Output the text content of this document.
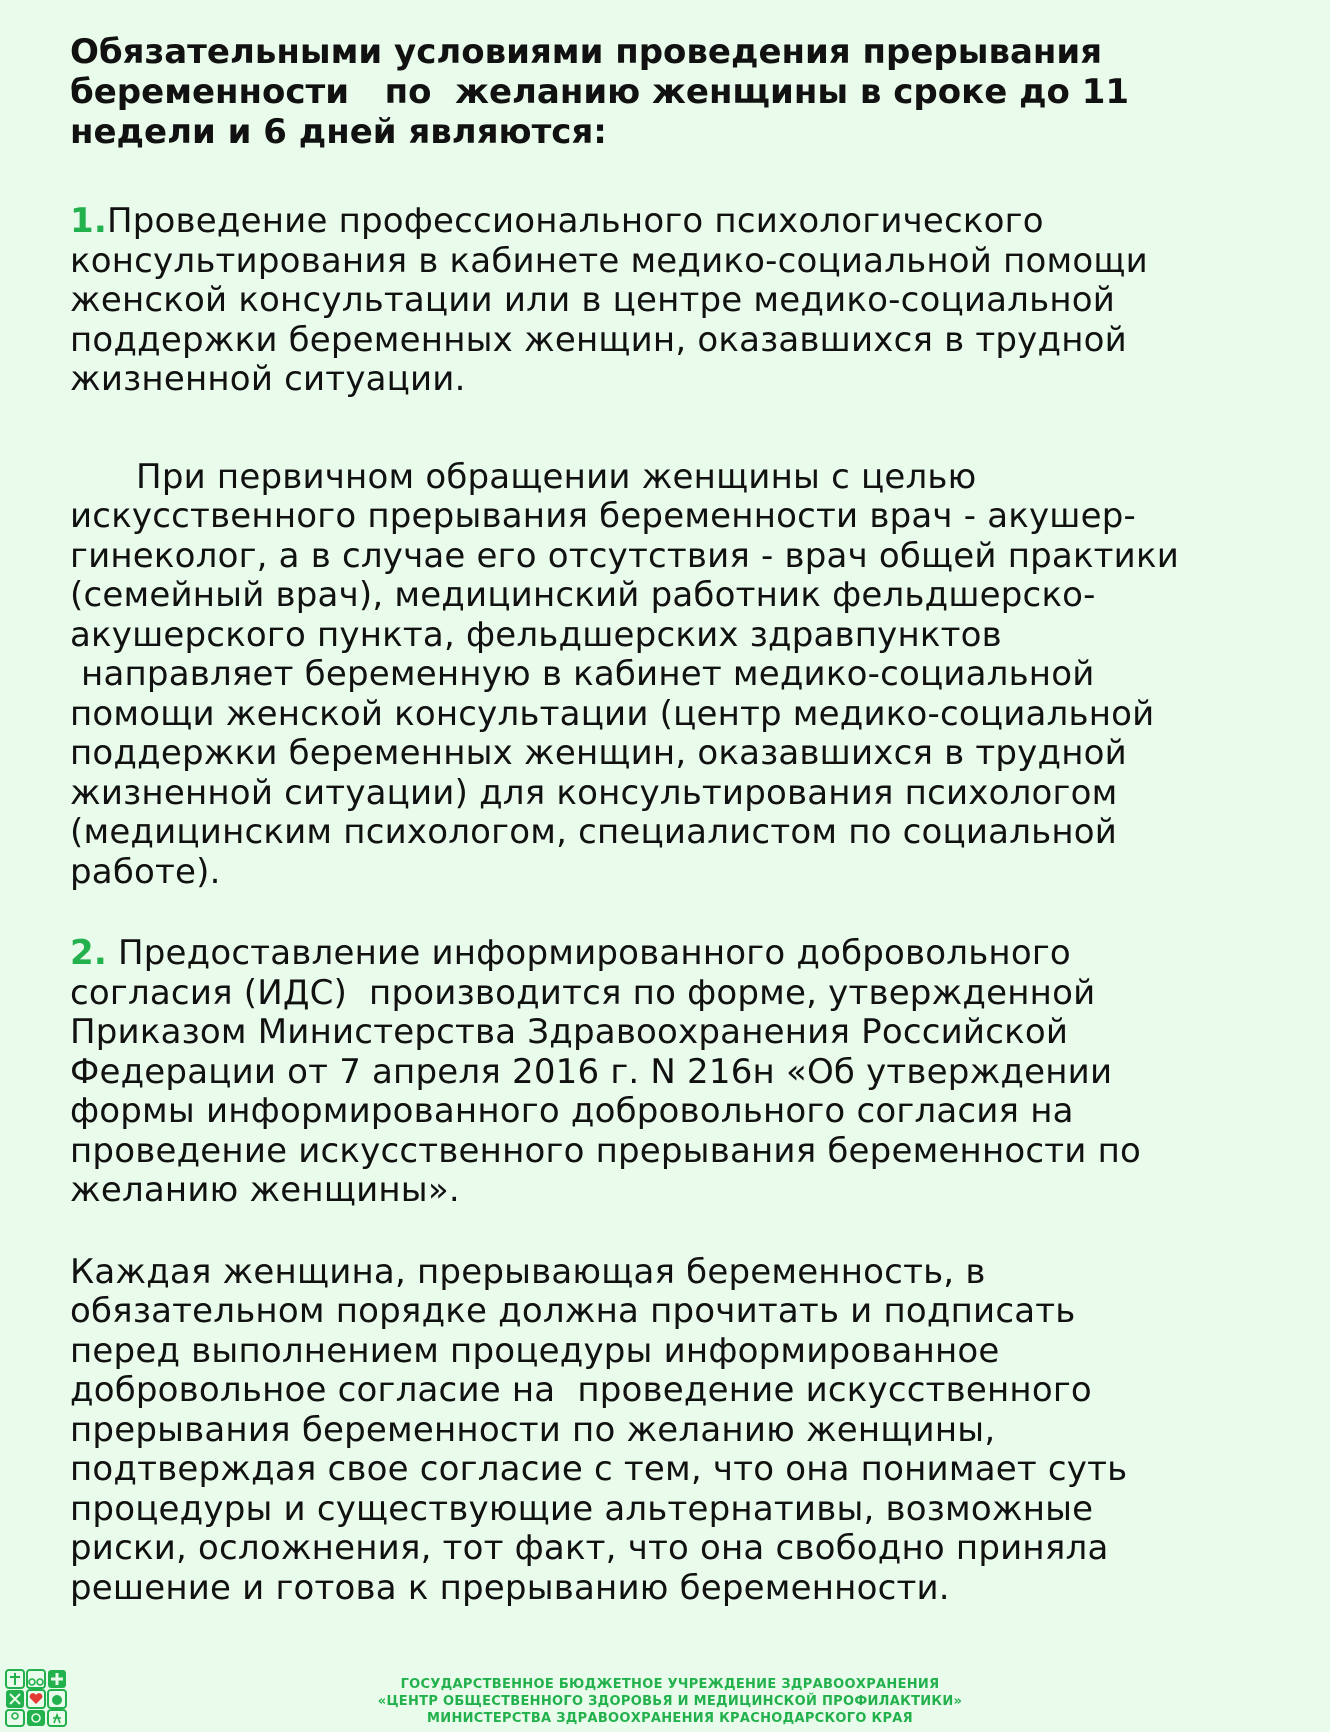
Обязательными условиями проведения прерывания
беременности   по  желанию женщины в сроке до 11
недели и 6 дней являются:

1.Проведение профессионального психологического
консультирования в кабинете медико-социальной помощи
женской консультации или в центре медико-социальной
поддержки беременных женщин, оказавшихся в трудной
жизненной ситуации.

При первичном обращении женщины с целью
искусственного прерывания беременности врач - акушер-
гинеколог, а в случае его отсутствия - врач общей практики
(семейный врач), медицинский работник фельдшерско-
акушерского пункта, фельдшерских здравпунктов
направляет беременную в кабинет медико-социальной
помощи женской консультации (центр медико-социальной
поддержки беременных женщин, оказавшихся в трудной
жизненной ситуации) для консультирования психологом
(медицинским психологом, специалистом по социальной
работе).

2. Предоставление информированного добровольного
согласия (ИДС)  производится по форме, утвержденной
Приказом Министерства Здравоохранения Российской
Федерации от 7 апреля 2016 г. N 216н «Об утверждении
формы информированного добровольного согласия на
проведение искусственного прерывания беременности по
желанию женщины».

Каждая женщина, прерывающая беременность, в
обязательном порядке должна прочитать и подписать
перед выполнением процедуры информированное
добровольное согласие на  проведение искусственного
прерывания беременности по желанию женщины,
подтверждая свое согласие с тем, что она понимает суть
процедуры и существующие альтернативы, возможные
риски, осложнения, тот факт, что она свободно приняла
решение и готова к прерыванию беременности.

ГОСУДАРСТВЕННОЕ БЮДЖЕТНОЕ УЧРЕЖДЕНИЕ ЗДРАВООХРАНЕНИЯ
«ЦЕНТР ОБЩЕСТВЕННОГО ЗДОРОВЬЯ И МЕДИЦИНСКОЙ ПРОФИЛАКТИКИ»
МИНИСТЕРСТВА ЗДРАВООХРАНЕНИЯ КРАСНОДАРСКОГО КРАЯ
